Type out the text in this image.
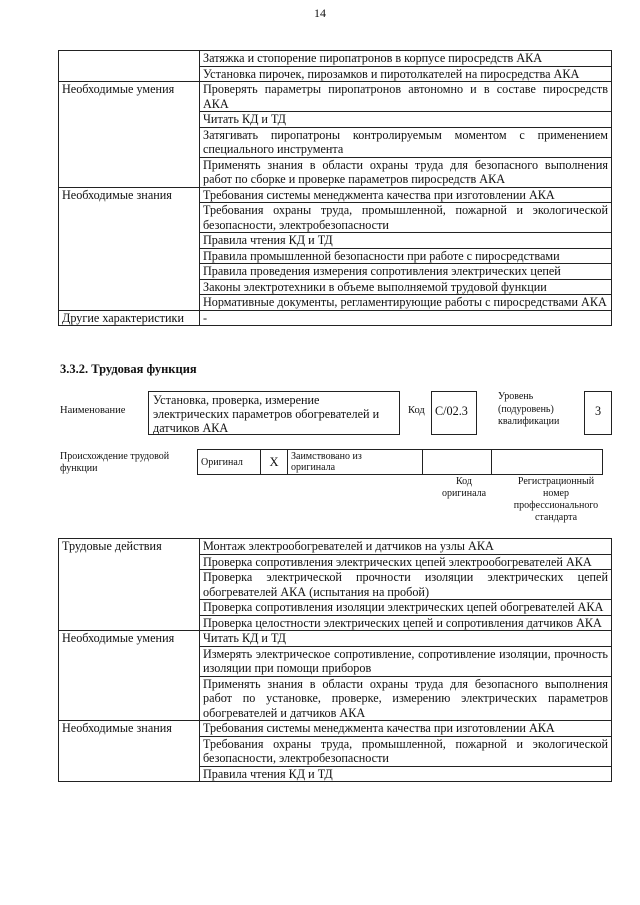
14
	Затяжка и стопорение пиропатронов в корпусе пиросредств АКА
	Установка пирочек, пирозамков и пиротолкателей на пиросредства АКА
Необходимые умения	Проверять параметры пиропатронов автономно и в составе пиросредств АКА
	Читать КД и ТД
	Затягивать пиропатроны контролируемым моментом с применением специального инструмента
	Применять знания в области охраны труда для безопасного выполнения работ по сборке и проверке параметров пиросредств АКА
Необходимые знания	Требования системы менеджмента качества при изготовлении АКА
	Требования охраны труда, промышленной, пожарной и экологической безопасности, электробезопасности
	Правила чтения КД и ТД
	Правила промышленной безопасности при работе с пиросредствами
	Правила проведения измерения сопротивления электрических цепей
	Законы электротехники в объеме выполняемой трудовой функции
	Нормативные документы, регламентирующие работы с пиросредствами АКА
Другие характеристики	-
3.3.2. Трудовая функция
Наименование
Установка, проверка, измерение электрических параметров обогревателей и датчиков АКА
Код С/02.3
Уровень
(подуровень)
квалификации
3
Происхождение трудовой
функции
Оригинал	X	Заимствовано из
оригинала

Код
оригинала
Регистрационный
номер
профессионального
стандарта
Трудовые действия	Монтаж электрообогревателей и датчиков на узлы АКА
	Проверка сопротивления электрических цепей электрообогревателей АКА
	Проверка электрической прочности изоляции электрических цепей обогревателей АКА (испытания на пробой)
	Проверка сопротивления изоляции электрических цепей обогревателей АКА
	Проверка целостности электрических цепей и сопротивления датчиков АКА
Необходимые умения	Читать КД и ТД
	Измерять электрическое сопротивление, сопротивление изоляции, прочность изоляции при помощи приборов
	Применять знания в области охраны труда для безопасного выполнения работ по установке, проверке, измерению электрических параметров обогревателей и датчиков АКА
Необходимые знания	Требования системы менеджмента качества при изготовлении АКА
	Требования охраны труда, промышленной, пожарной и экологической безопасности, электробезопасности
	Правила чтения КД и ТД
